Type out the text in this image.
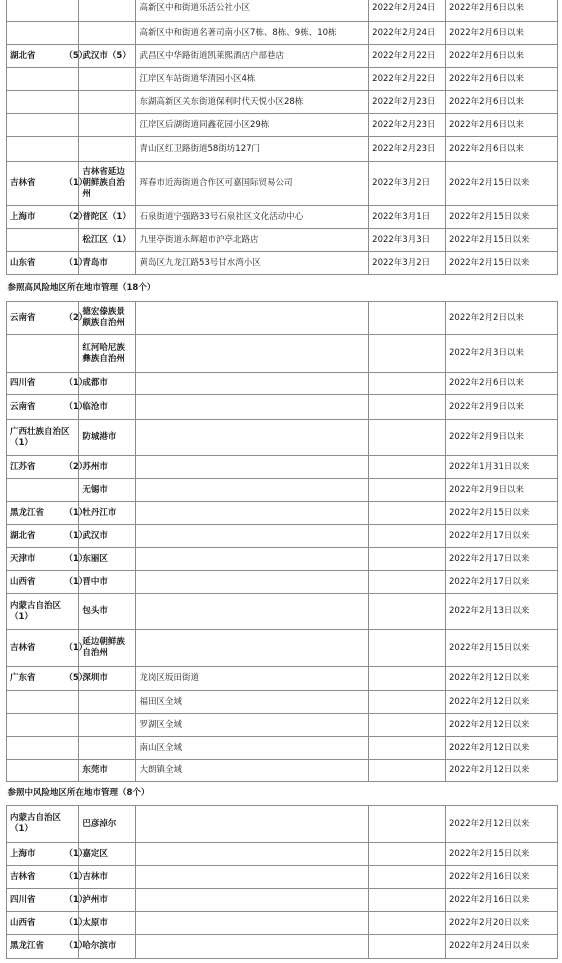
			高新区中和街道乐活公社小区	2022年2月24日	2022年2月6日以来
			高新区中和街道名著司南小区7栋、8栋、9栋、10栋	2022年2月24日	2022年2月6日以来
湖北省	（5）	武汉市（5）	武昌区中华路街道凯莱熙酒店户部巷店	2022年2月22日	2022年2月6日以来
			江岸区车站街道华清园小区4栋	2022年2月22日	2022年2月6日以来
			东湖高新区关东街道保利时代天悦小区28栋	2022年2月23日	2022年2月6日以来
			江岸区后湖街道同鑫花园小区29栋	2022年2月23日	2022年2月6日以来
			青山区红卫路街道58街坊127门	2022年2月23日	2022年2月6日以来
吉林省	（1）	吉林省延边朝鲜族自治州	珲春市近海街道合作区可嘉国际贸易公司	2022年3月2日	2022年2月15日以来
上海市	（2）	普陀区（1）	石泉街道宁强路33号石泉社区文化活动中心	2022年3月1日	2022年2月15日以来
		松江区（1）	九里亭街道永辉超市沪亭北路店	2022年3月3日	2022年2月15日以来
山东省	（1）	青岛市	黄岛区九龙江路53号甘水湾小区	2022年3月2日	2022年2月15日以来
参照高风险地区所在地市管理（18个）					
云南省	（2）	德宏傣族景颇族自治州			2022年2月2日以来
		红河哈尼族彝族自治州			2022年2月3日以来
四川省	（1）	成都市			2022年2月6日以来
云南省	（1）	临沧市			2022年2月9日以来
广西壮族自治区（1）		防城港市			2022年2月9日以来
江苏省	（2）	苏州市			2022年1月31日以来
		无锡市			2022年2月9日以来
黑龙江省	（1）	牡丹江市			2022年2月15日以来
湖北省	（1）	武汉市			2022年2月17日以来
天津市	（1）	东丽区			2022年2月17日以来
山西省	（1）	晋中市			2022年2月17日以来
内蒙古自治区（1）		包头市			2022年2月13日以来
吉林省	（1）	延边朝鲜族自治州			2022年2月15日以来
广东省	（5）	深圳市	龙岗区坂田街道		2022年2月12日以来
			福田区全域		2022年2月12日以来
			罗湖区全域		2022年2月12日以来
			南山区全域		2022年2月12日以来
		东莞市	大朗镇全域		2022年2月12日以来
参照中风险地区所在地市管理（8个）					
内蒙古自治区（1）		巴彦淖尔			2022年2月12日以来
上海市	（1）	嘉定区			2022年2月15日以来
吉林省	（1）	吉林市			2022年2月16日以来
四川省	（1）	泸州市			2022年2月16日以来
山西省	（1）	太原市			2022年2月20日以来
黑龙江省	（1）	哈尔滨市			2022年2月24日以来
